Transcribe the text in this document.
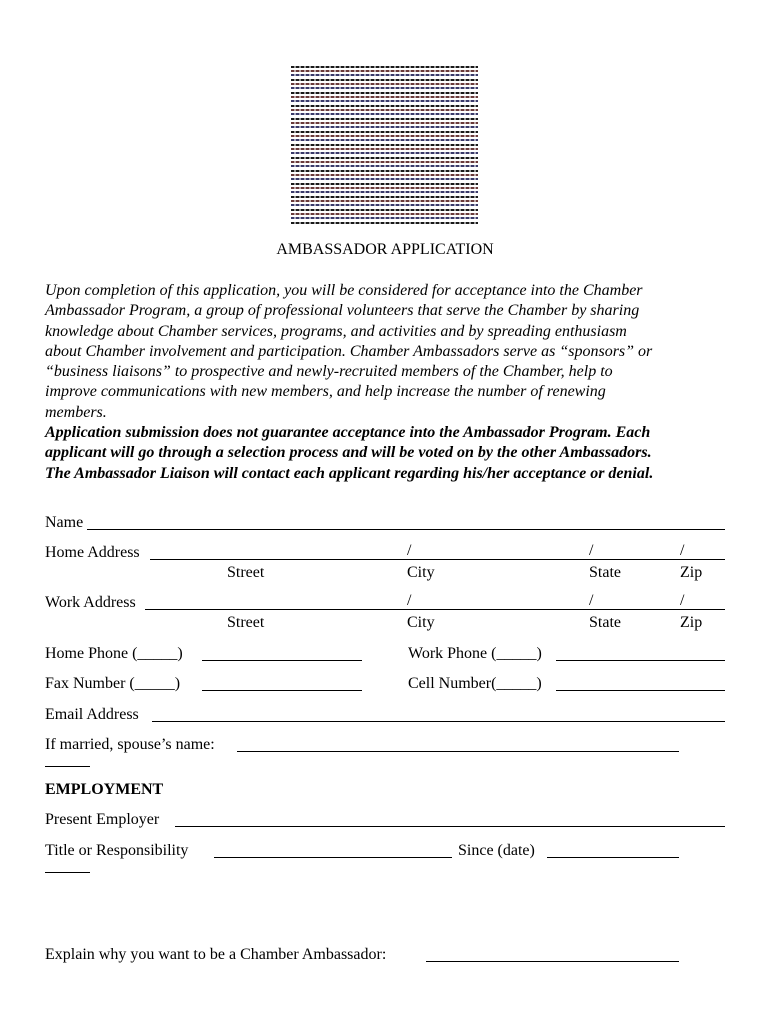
AMBASSADOR APPLICATION
Upon completion of this application, you will be considered for acceptance into the Chamber
Ambassador Program, a group of professional volunteers that serve the Chamber by sharing
knowledge about Chamber services, programs, and activities and by spreading enthusiasm
about Chamber involvement and participation. Chamber Ambassadors serve as “sponsors” or
“business liaisons” to prospective and newly-recruited members of the Chamber, help to
improve communications with new members, and help increase the number of renewing
members.
Application submission does not guarantee acceptance into the Ambassador Program. Each
applicant will go through a selection process and will be voted on by the other Ambassadors.
The Ambassador Liaison will contact each applicant regarding his/her acceptance or denial.
Name
Home Address	/	/	/
Street	City	State	Zip
Work Address	/	/	/
Street	City	State	Zip
Home Phone (_____)	Work Phone (_____)
Fax Number (_____)	Cell Number(_____)
Email Address
If married, spouse’s name:
EMPLOYMENT
Present Employer
Title or Responsibility	Since (date)
Explain why you want to be a Chamber Ambassador:
